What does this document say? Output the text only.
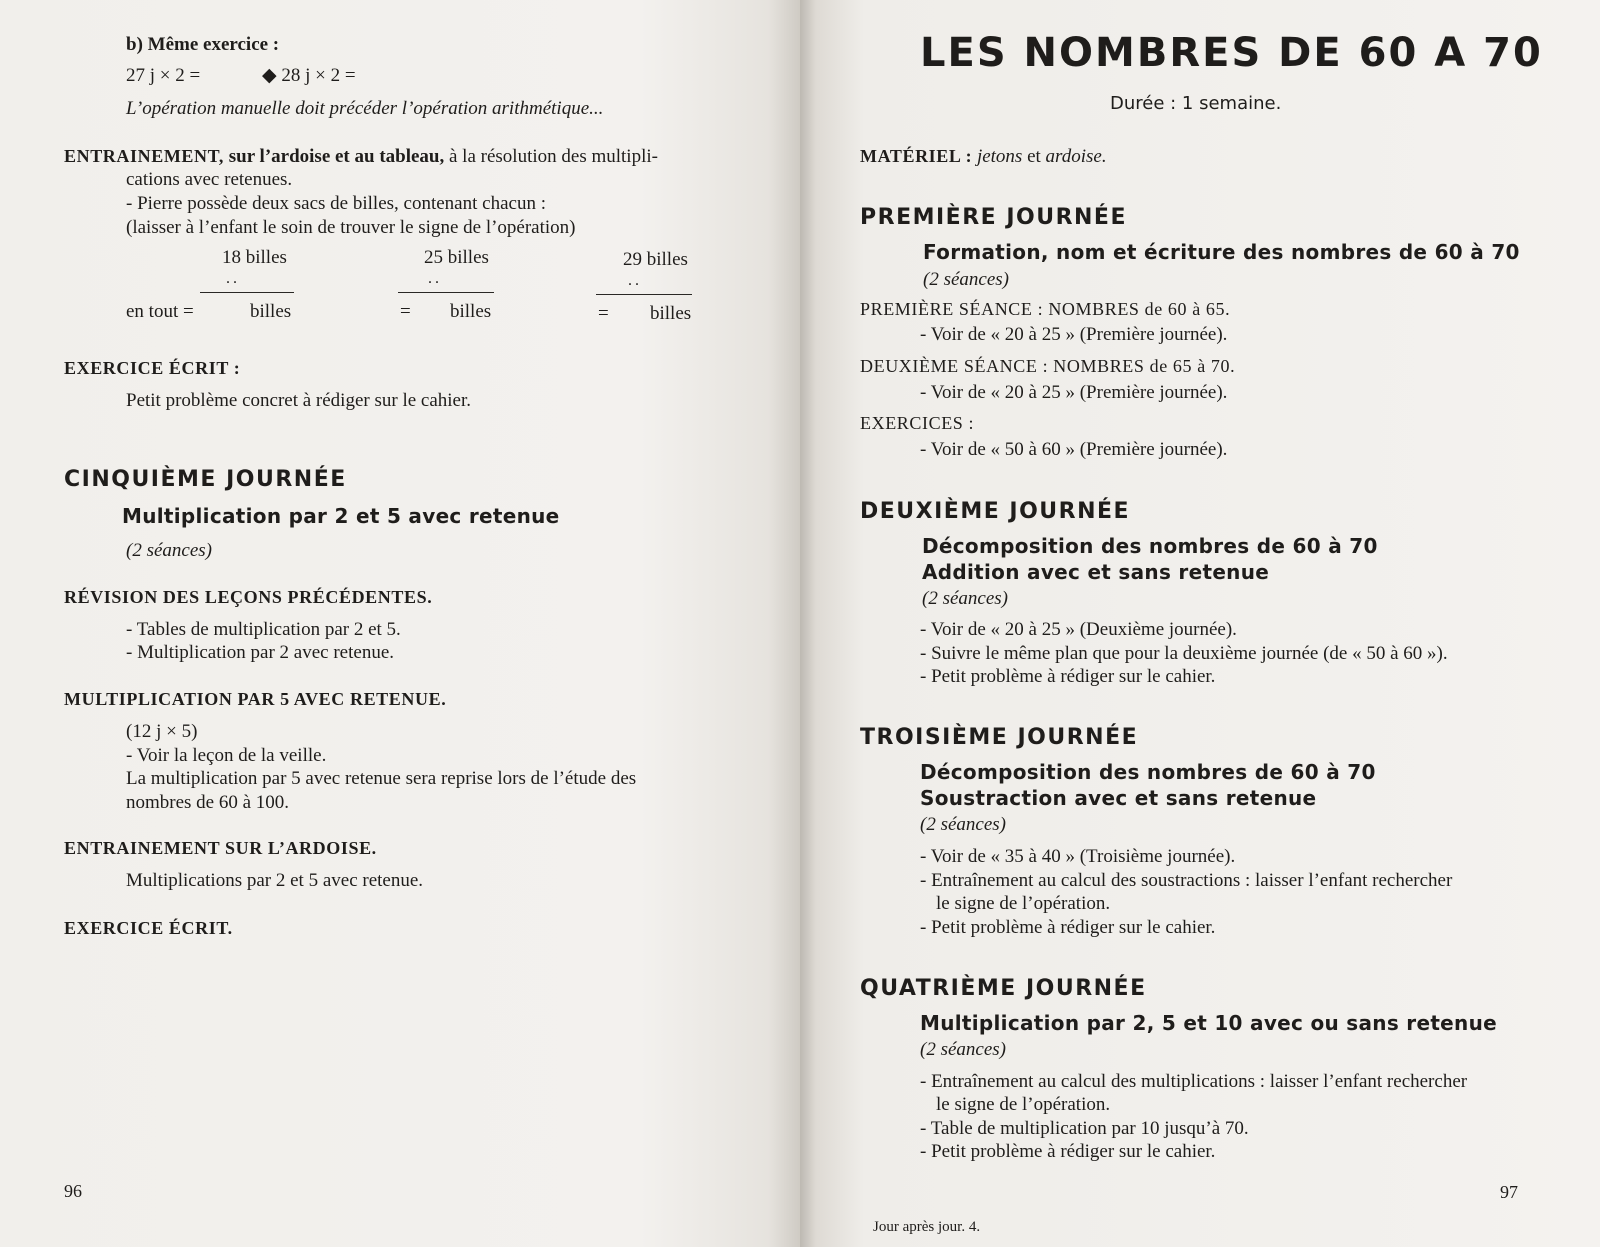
b) Même exercice :
27 j × 2 =	◆ 28 j × 2 =
L’opération manuelle doit précéder l’opération arithmétique...
ENTRAINEMENT, sur l’ardoise et au tableau, à la résolution des multipli-
cations avec retenues.
- Pierre possède deux sacs de billes, contenant chacun :
(laisser à l’enfant le soin de trouver le signe de l’opération)
18 billes
..
en tout =	billes
25 billes
..
= billes
29 billes
..
= billes
EXERCICE ÉCRIT :
Petit problème concret à rédiger sur le cahier.
CINQUIÈME JOURNÉE
Multiplication par 2 et 5 avec retenue
(2 séances)
RÉVISION DES LEÇONS PRÉCÉDENTES.
- Tables de multiplication par 2 et 5.
- Multiplication par 2 avec retenue.
MULTIPLICATION PAR 5 AVEC RETENUE.
(12 j × 5)
- Voir la leçon de la veille.
La multiplication par 5 avec retenue sera reprise lors de l’étude des
nombres de 60 à 100.
ENTRAINEMENT SUR L’ARDOISE.
Multiplications par 2 et 5 avec retenue.
EXERCICE ÉCRIT.
96
LES NOMBRES DE 60 A 70
Durée : 1 semaine.
MATÉRIEL : jetons et ardoise.
PREMIÈRE JOURNÉE
Formation, nom et écriture des nombres de 60 à 70
(2 séances)
PREMIÈRE SÉANCE : NOMBRES de 60 à 65.
- Voir de « 20 à 25 » (Première journée).
DEUXIÈME SÉANCE : NOMBRES de 65 à 70.
- Voir de « 20 à 25 » (Première journée).
EXERCICES :
- Voir de « 50 à 60 » (Première journée).
DEUXIÈME JOURNÉE
Décomposition des nombres de 60 à 70
Addition avec et sans retenue
(2 séances)
- Voir de « 20 à 25 » (Deuxième journée).
- Suivre le même plan que pour la deuxième journée (de « 50 à 60 »).
- Petit problème à rédiger sur le cahier.
TROISIÈME JOURNÉE
Décomposition des nombres de 60 à 70
Soustraction avec et sans retenue
(2 séances)
- Voir de « 35 à 40 » (Troisième journée).
- Entraînement au calcul des soustractions : laisser l’enfant rechercher
le signe de l’opération.
- Petit problème à rédiger sur le cahier.
QUATRIÈME JOURNÉE
Multiplication par 2, 5 et 10 avec ou sans retenue
(2 séances)
- Entraînement au calcul des multiplications : laisser l’enfant rechercher
le signe de l’opération.
- Table de multiplication par 10 jusqu’à 70.
- Petit problème à rédiger sur le cahier.
97
Jour après jour. 4.
